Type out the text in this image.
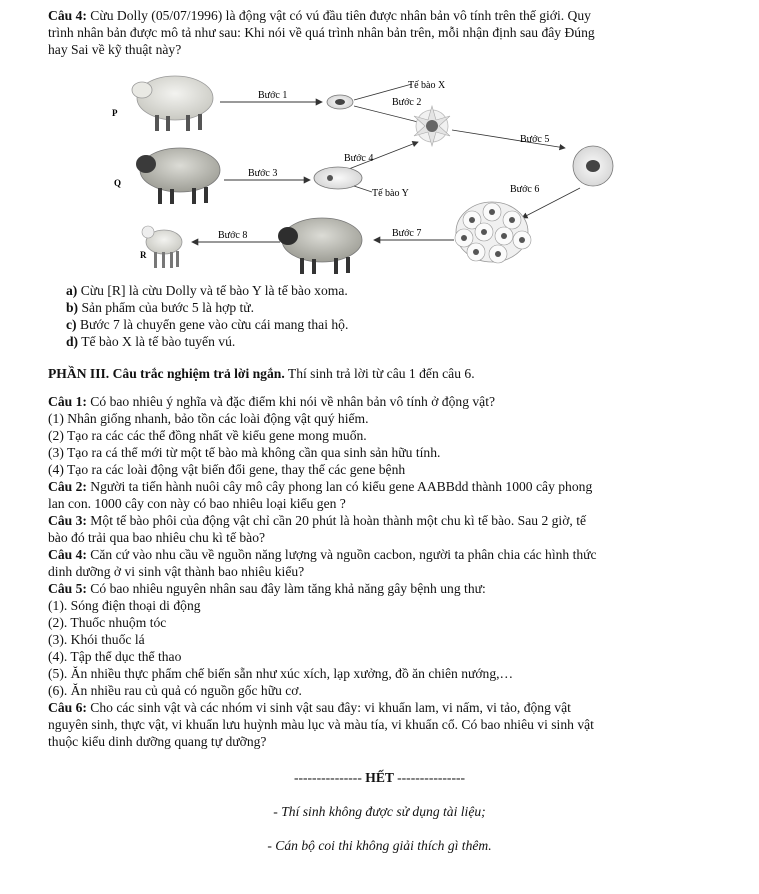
Câu 4: Cừu Dolly (05/07/1996) là động vật có vú đầu tiên được nhân bản vô tính trên thế giới. Quy
trình nhân bản được mô tả như sau: Khi nói về quá trình nhân bản trên, mỗi nhận định sau đây Đúng
hay Sai về kỹ thuật này?
P
Bước 1
Tế bào X
Bước 2
Bước 5
Bước 4
Q
Bước 3
Tế bào Y	Bước 6
Bước 7
Bước 8
R
a) Cừu [R] là cừu Dolly và tế bào Y là tế bào xoma.
b) Sản phẩm của bước 5 là hợp tử.
c) Bước 7 là chuyển gene vào cừu cái mang thai hộ.
d) Tế bào X là tế bào tuyến vú.
PHẦN III. Câu trắc nghiệm trả lời ngắn. Thí sinh trả lời từ câu 1 đến câu 6.
Câu 1: Có bao nhiêu ý nghĩa và đặc điểm khi nói về nhân bản vô tính ở động vật?
(1) Nhân giống nhanh, bảo tồn các loài động vật quý hiếm.
(2) Tạo ra các các thể đồng nhất về kiểu gene mong muốn.
(3) Tạo ra cá thể mới từ một tế bào mà không cần qua sinh sản hữu tính.
(4) Tạo ra các loài động vật biến đổi gene, thay thế các gene bệnh
Câu 2: Người ta tiến hành nuôi cây mô cây phong lan có kiểu gene AABBdd thành 1000 cây phong
lan con. 1000 cây con này có bao nhiêu loại kiểu gen ?
Câu 3: Một tế bào phôi của động vật chỉ cần 20 phút là hoàn thành một chu kì tế bào. Sau 2 giờ, tế
bào đó trải qua bao nhiêu chu kì tế bào?
Câu 4: Căn cứ vào nhu cầu về nguồn năng lượng và nguồn cacbon, người ta phân chia các hình thức
dinh dưỡng ở vi sinh vật thành bao nhiêu kiểu?
Câu 5: Có bao nhiêu nguyên nhân sau đây làm tăng khả năng gây bệnh ung thư:
(1). Sóng điện thoại di động
(2). Thuốc nhuộm tóc
(3). Khói thuốc lá
(4). Tập thể dục thể thao
(5). Ăn nhiều thực phẩm chế biến sẵn như xúc xích, lạp xưởng, đồ ăn chiên nướng,…
(6). Ăn nhiều rau củ quả có nguồn gốc hữu cơ.
Câu 6: Cho các sinh vật và các nhóm vi sinh vật sau đây: vi khuẩn lam, vi nấm, vi tảo, động vật
nguyên sinh, thực vật, vi khuẩn lưu huỳnh màu lục và màu tía, vi khuẩn cổ. Có bao nhiêu vi sinh vật
thuộc kiểu dinh dưỡng quang tự dưỡng?
--------------- HẾT ---------------
- Thí sinh không được sử dụng tài liệu;
- Cán bộ coi thi không giải thích gì thêm.
